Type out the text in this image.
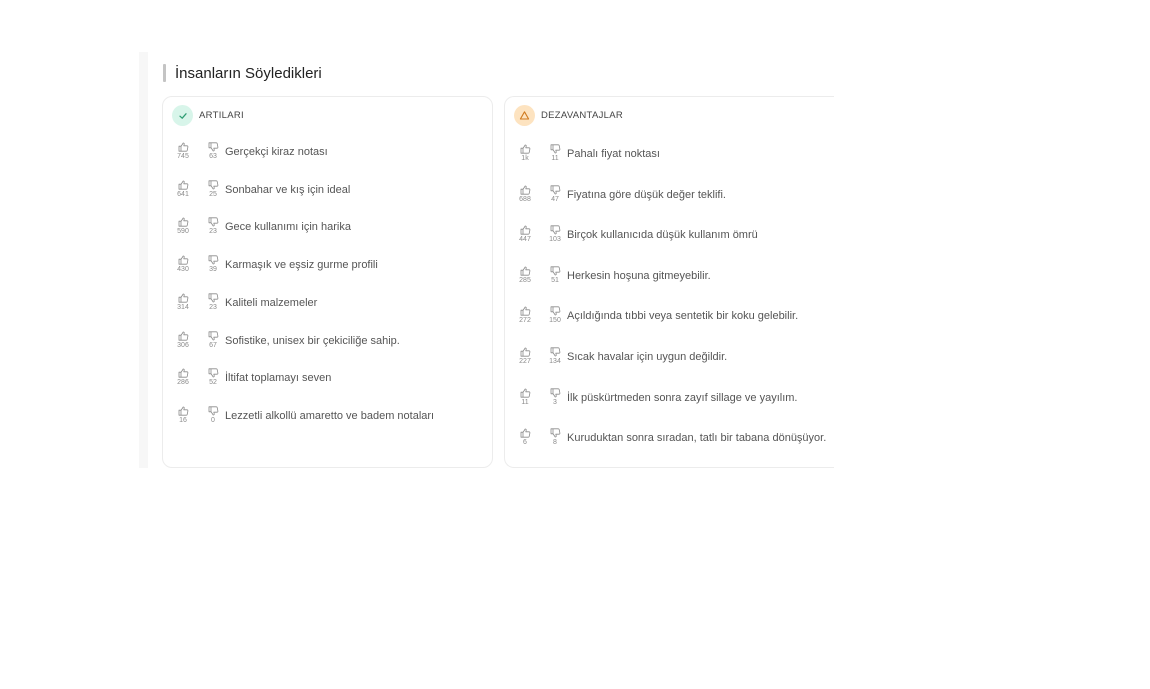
İnsanların Söyledikleri
ARTILARI
745	63 Gerçekçi kiraz notası
641	25 Sonbahar ve kış için ideal
590	23 Gece kullanımı için harika
430	39 Karmaşık ve eşsiz gurme profili
314	23 Kaliteli malzemeler
306	67 Sofistike, unisex bir çekiciliğe sahip.
286	52 İltifat toplamayı seven
16	0 Lezzetli alkollü amaretto ve badem notaları
DEZAVANTAJLAR
1k	11 Pahalı fiyat noktası
688	47 Fiyatına göre düşük değer teklifi.
447	103 Birçok kullanıcıda düşük kullanım ömrü
285	51 Herkesin hoşuna gitmeyebilir.
272	150 Açıldığında tıbbi veya sentetik bir koku gelebilir.
227	134 Sıcak havalar için uygun değildir.
11	3 İlk püskürtmeden sonra zayıf sillage ve yayılım.
6	8 Kuruduktan sonra sıradan, tatlı bir tabana dönüşüyor.
